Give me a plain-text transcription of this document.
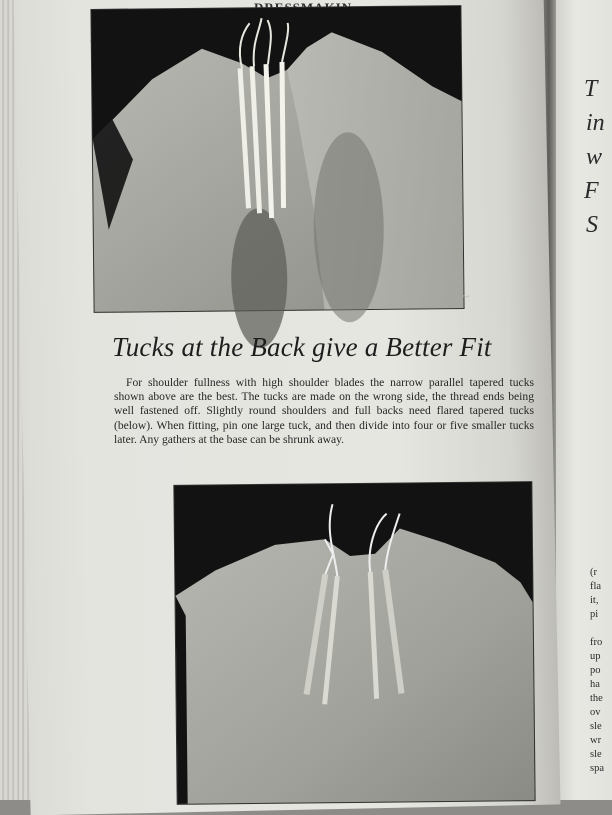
T
in
w
F
S
(r
fla
it,
pi
fro
up
po
ha
the
ov
sle
wr
sle
spa
~
Tucks at the Back give a Better Fit
For shoulder fullness with high shoulder blades the narrow parallel tapered tucks shown above are the best. The tucks are made on the wrong side, the thread ends being well fastened off. Slightly round shoulders and full backs need flared tapered tucks (below). When fitting, pin one large tuck, and then divide into four or five smaller tucks later. Any gathers at the base can be shrunk away.
